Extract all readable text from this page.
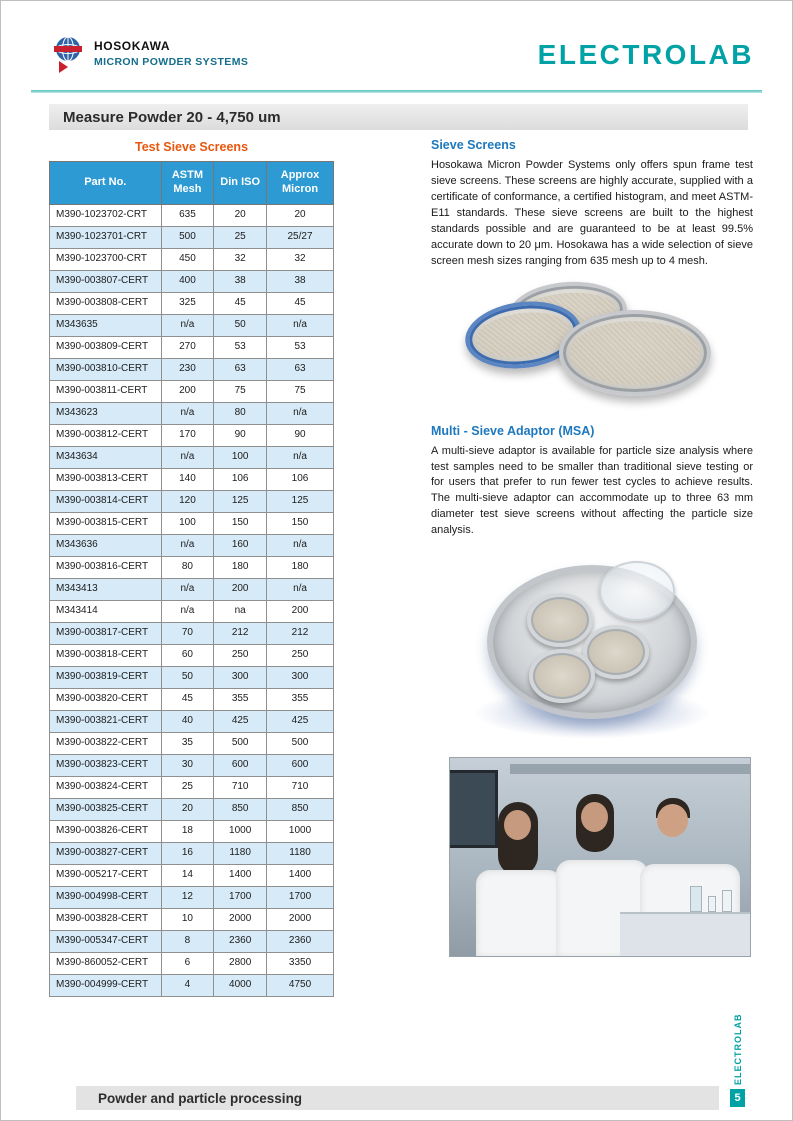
HOSOKAWA
MICRON POWDER SYSTEMS	ELECTROLAB
Measure Powder 20 - 4,750 um
Test Sieve Screens
Part No.	ASTM Mesh	Din ISO	Approx Micron
M390-1023702-CRT	635	20	20
M390-1023701-CRT	500	25	25/27
M390-1023700-CRT	450	32	32
M390-003807-CERT	400	38	38
M390-003808-CERT	325	45	45
M343635	n/a	50	n/a
M390-003809-CERT	270	53	53
M390-003810-CERT	230	63	63
M390-003811-CERT	200	75	75
M343623	n/a	80	n/a
M390-003812-CERT	170	90	90
M343634	n/a	100	n/a
M390-003813-CERT	140	106	106
M390-003814-CERT	120	125	125
M390-003815-CERT	100	150	150
M343636	n/a	160	n/a
M390-003816-CERT	80	180	180
M343413	n/a	200	n/a
M343414	n/a	na	200
M390-003817-CERT	70	212	212
M390-003818-CERT	60	250	250
M390-003819-CERT	50	300	300
M390-003820-CERT	45	355	355
M390-003821-CERT	40	425	425
M390-003822-CERT	35	500	500
M390-003823-CERT	30	600	600
M390-003824-CERT	25	710	710
M390-003825-CERT	20	850	850
M390-003826-CERT	18	1000	1000
M390-003827-CERT	16	1180	1180
M390-005217-CERT	14	1400	1400
M390-004998-CERT	12	1700	1700
M390-003828-CERT	10	2000	2000
M390-005347-CERT	8	2360	2360
M390-860052-CERT	6	2800	3350
M390-004999-CERT	4	4000	4750
Sieve Screens

Hosokawa Micron Powder Systems only offers spun frame test sieve screens. These screens are highly accurate, supplied with a certificate of conformance, a certified histogram, and meet ASTM-E11 standards. These sieve screens are built to the highest standards possible and are guaranteed to be at least 99.5% accurate down to 20 μm. Hosokawa has a wide selection of sieve screen mesh sizes ranging from 635 mesh up to 4 mesh.

Multi - Sieve Adaptor (MSA)

A multi-sieve adaptor is available for particle size analysis where test samples need to be smaller than traditional sieve testing or for users that prefer to run fewer test cycles to achieve results. The multi-sieve adaptor can accommodate up to three 63 mm diameter test sieve screens without affecting the particle size analysis.

Powder and particle processing
ELECTROLAB
5
